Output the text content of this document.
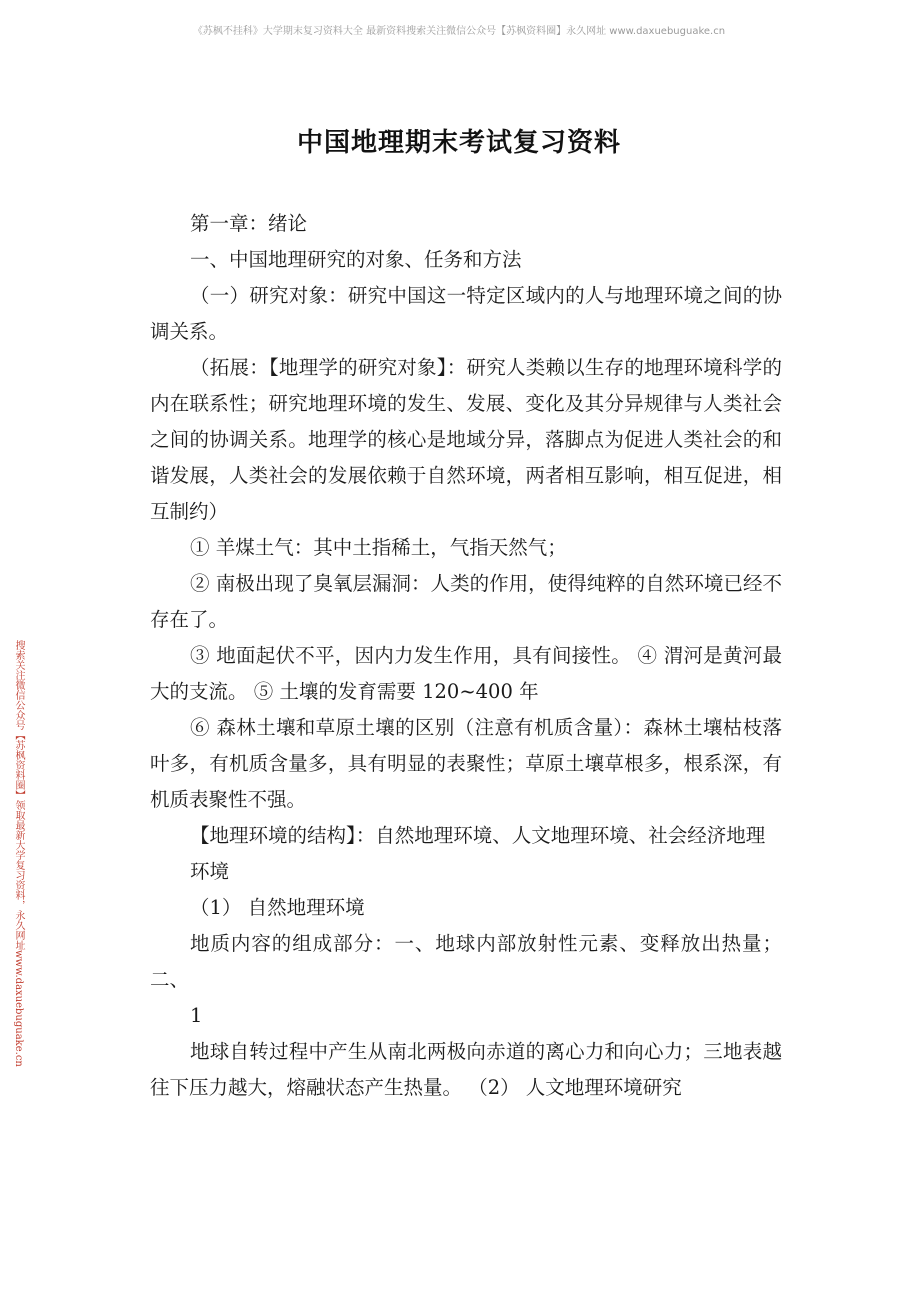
《苏枫不挂科》大学期末复习资料大全 最新资料搜索关注微信公众号【苏枫资料圈】永久网址 www.daxuebuguake.cn
搜索关注微信公众号【苏枫资料圈】领取最新大学复习资料，永久网址www.daxuebuguake.cn
中国地理期末考试复习资料

第一章：绪论

一、中国地理研究的对象、任务和方法

（一）研究对象：研究中国这一特定区域内的人与地理环境之间的协调关系。

（拓展：【地理学的研究对象】：研究人类赖以生存的地理环境科学的内在联系性；研究地理环境的发生、发展、变化及其分异规律与人类社会之间的协调关系。地理学的核心是地域分异，落脚点为促进人类社会的和谐发展，人类社会的发展依赖于自然环境，两者相互影响，相互促进，相互制约）

① 羊煤土气：其中土指稀土，气指天然气；

② 南极出现了臭氧层漏洞：人类的作用，使得纯粹的自然环境已经不存在了。

③ 地面起伏不平，因内力发生作用，具有间接性。 ④ 渭河是黄河最大的支流。 ⑤ 土壤的发育需要 120~400 年

⑥ 森林土壤和草原土壤的区别（注意有机质含量）：森林土壤枯枝落叶多，有机质含量多，具有明显的表聚性；草原土壤草根多，根系深，有机质表聚性不强。

【地理环境的结构】：自然地理环境、人文地理环境、社会经济地理

环境

（1） 自然地理环境

地质内容的组成部分：一、地球内部放射性元素、变释放出热量；二、

1

地球自转过程中产生从南北两极向赤道的离心力和向心力；三地表越往下压力越大，熔融状态产生热量。 （2） 人文地理环境研究
